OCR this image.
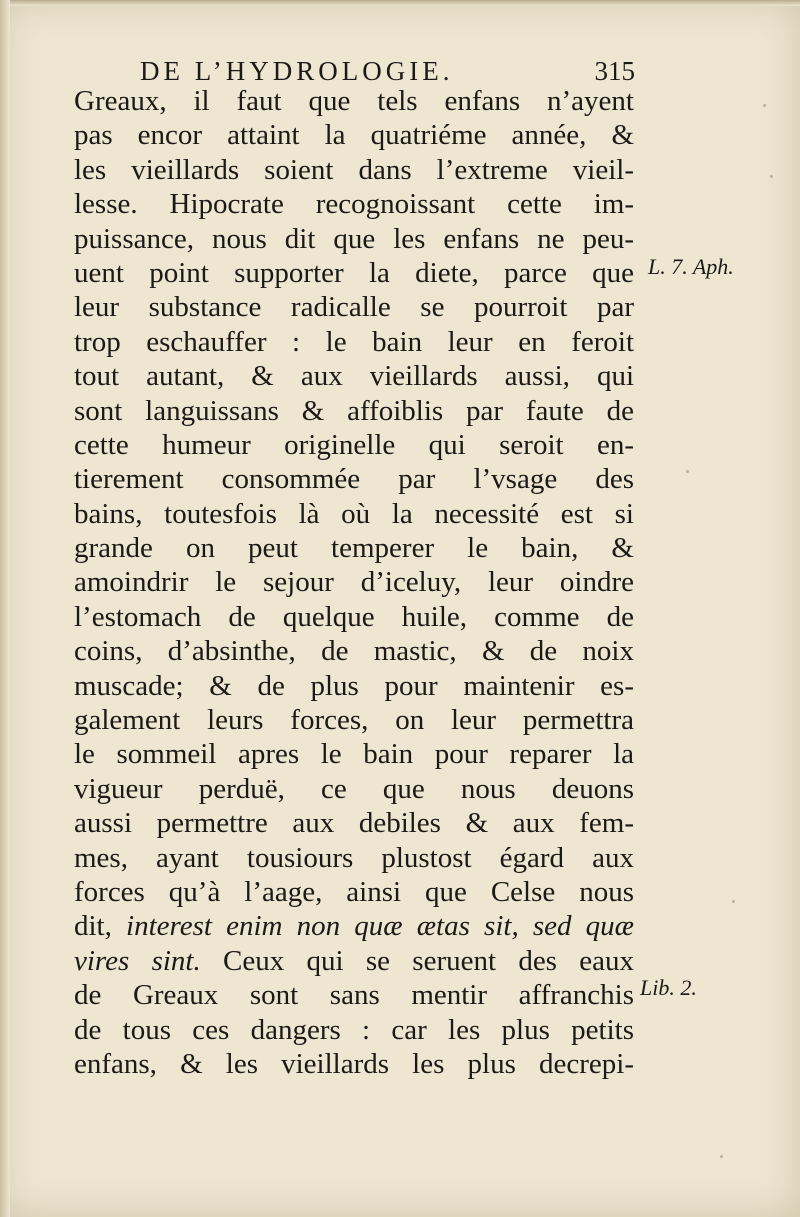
DE L’HYDROLOGIE.	315
Greaux, il faut que tels enfans n’ayent
pas encor attaint la quatriéme année, &
les vieillards soient dans l’extreme vieil-
lesse. Hipocrate recognoissant cette im-
puissance, nous dit que les enfans ne peu-
uent point supporter la diete, parce que
leur substance radicalle se pourroit par
trop eschauffer : le bain leur en feroit
tout autant, & aux vieillards aussi, qui
sont languissans & affoiblis par faute de
cette humeur originelle qui seroit en-
tierement consommée par l’vsage des
bains, toutesfois là où la necessité est si
grande on peut temperer le bain, &
amoindrir le sejour d’iceluy, leur oindre
l’estomach de quelque huile, comme de
coins, d’absinthe, de mastic, & de noix
muscade; & de plus pour maintenir es-
galement leurs forces, on leur permettra
le sommeil apres le bain pour reparer la
vigueur perduë, ce que nous deuons
aussi permettre aux debiles & aux fem-
mes, ayant tousiours plustost égard aux
forces qu’à l’aage, ainsi que Celse nous
dit, interest enim non quæ ætas sit, sed quæ
vires sint. Ceux qui se seruent des eaux
de Greaux sont sans mentir affranchis
de tous ces dangers : car les plus petits
enfans, & les vieillards les plus decrepi-
L. 7. Aph.
Lib. 2.
